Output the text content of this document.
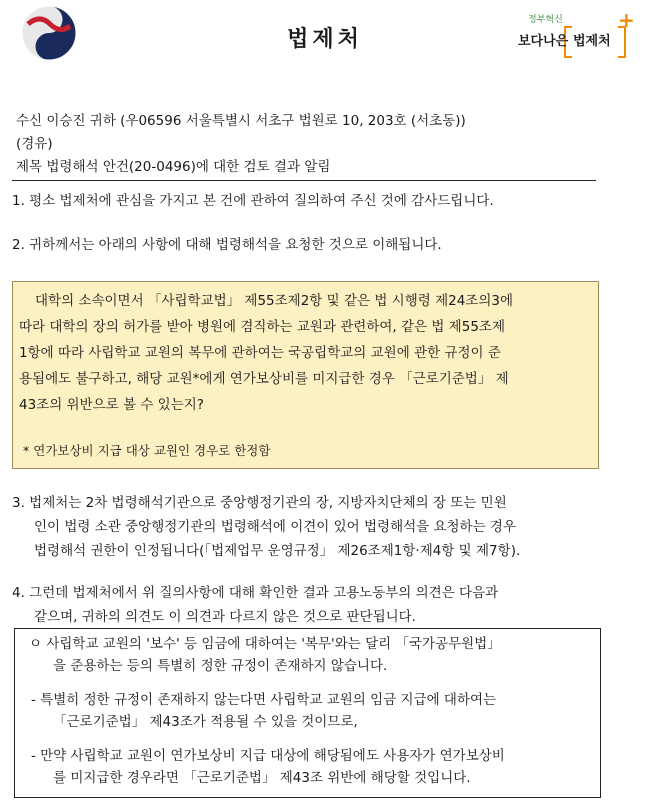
법제처
+
정부혁신
보다나은 법제처
수신 이승진 귀하 (우06596 서울특별시 서초구 법원로 10, 203호 (서초동))
(경유)
제목 법령해석 안건(20-0496)에 대한 검토 결과 알림
1. 평소 법제처에 관심을 가지고 본 건에 관하여 질의하여 주신 것에 감사드립니다.
2. 귀하께서는 아래의 사항에 대해 법령해석을 요청한 것으로 이해됩니다.
대학의 소속이면서 「사립학교법」 제55조제2항 및 같은 법 시행령 제24조의3에
따라 대학의 장의 허가를 받아 병원에 겸직하는 교원과 관련하여, 같은 법 제55조제
1항에 따라 사립학교 교원의 복무에 관하여는 국공립학교의 교원에 관한 규정이 준
용됨에도 불구하고, 해당 교원*에게 연가보상비를 미지급한 경우 「근로기준법」 제
43조의 위반으로 볼 수 있는지?
* 연가보상비 지급 대상 교원인 경우로 한정함
3. 법제처는 2차 법령해석기관으로 중앙행정기관의 장, 지방자치단체의 장 또는 민원
인이 법령 소관 중앙행정기관의 법령해석에 이견이 있어 법령해석을 요청하는 경우
법령해석 권한이 인정됩니다(「법제업무 운영규정」 제26조제1항·제4항 및 제7항).
4. 그런데 법제처에서 위 질의사항에 대해 확인한 결과 고용노동부의 의견은 다음과
같으며, 귀하의 의견도 이 의견과 다르지 않은 것으로 판단됩니다.
ㅇ 사립학교 교원의 '보수' 등 임금에 대하여는 '복무'와는 달리 「국가공무원법」
을 준용하는 등의 특별히 정한 규정이 존재하지 않습니다.
- 특별히 정한 규정이 존재하지 않는다면 사립학교 교원의 임금 지급에 대하여는
「근로기준법」 제43조가 적용될 수 있을 것이므로,
- 만약 사립학교 교원이 연가보상비 지급 대상에 해당됨에도 사용자가 연가보상비
를 미지급한 경우라면 「근로기준법」 제43조 위반에 해당할 것입니다.
